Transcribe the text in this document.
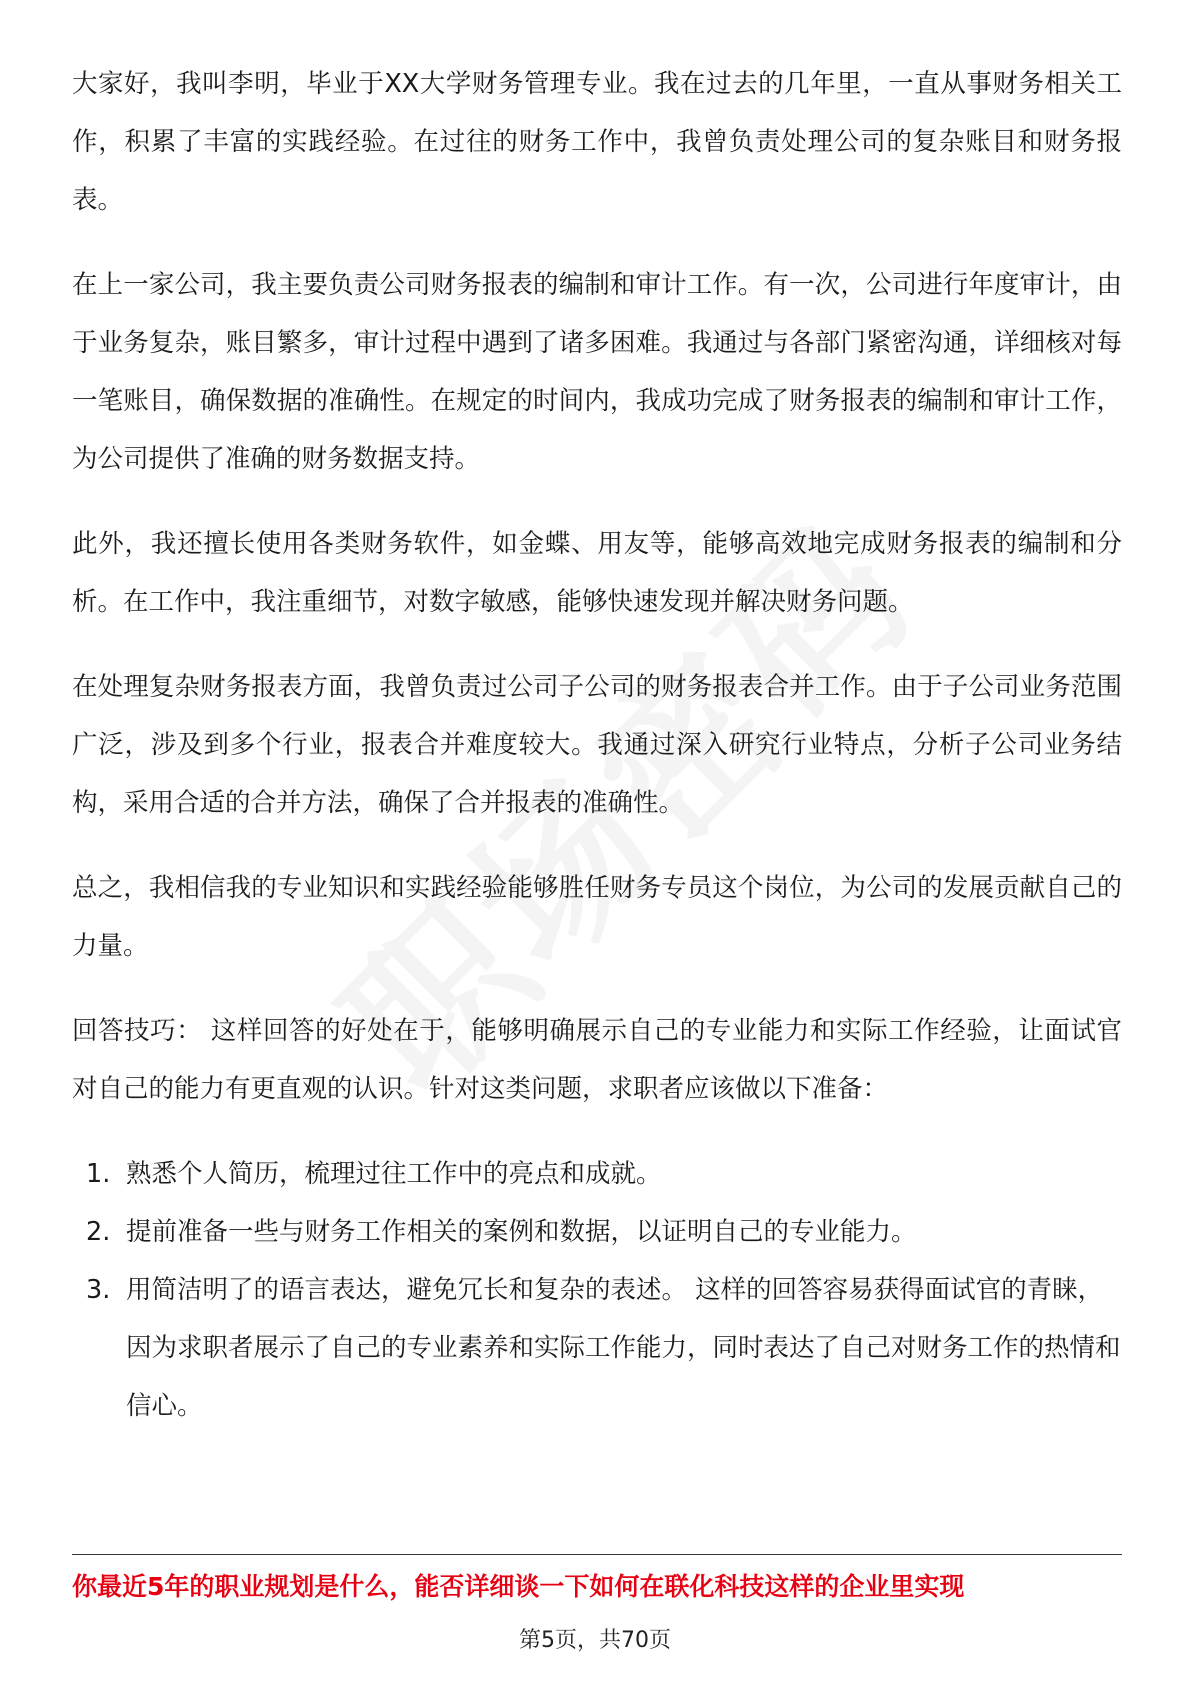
大家好，我叫李明，毕业于XX大学财务管理专业。我在过去的几年里，一直从事财务相关工作，积累了丰富的实践经验。在过往的财务工作中，我曾负责处理公司的复杂账目和财务报表。

在上一家公司，我主要负责公司财务报表的编制和审计工作。有一次，公司进行年度审计，由于业务复杂，账目繁多，审计过程中遇到了诸多困难。我通过与各部门紧密沟通，详细核对每一笔账目，确保数据的准确性。在规定的时间内，我成功完成了财务报表的编制和审计工作，为公司提供了准确的财务数据支持。

此外，我还擅长使用各类财务软件，如金蝶、用友等，能够高效地完成财务报表的编制和分析。在工作中，我注重细节，对数字敏感，能够快速发现并解决财务问题。

在处理复杂财务报表方面，我曾负责过公司子公司的财务报表合并工作。由于子公司业务范围广泛，涉及到多个行业，报表合并难度较大。我通过深入研究行业特点，分析子公司业务结构，采用合适的合并方法，确保了合并报表的准确性。

总之，我相信我的专业知识和实践经验能够胜任财务专员这个岗位，为公司的发展贡献自己的力量。

回答技巧： 这样回答的好处在于，能够明确展示自己的专业能力和实际工作经验，让面试官对自己的能力有更直观的认识。针对这类问题，求职者应该做以下准备：

1. 熟悉个人简历，梳理过往工作中的亮点和成就。
2. 提前准备一些与财务工作相关的案例和数据，以证明自己的专业能力。
3. 用简洁明了的语言表达，避免冗长和复杂的表述。 这样的回答容易获得面试官的青睐，因为求职者展示了自己的专业素养和实际工作能力，同时表达了自己对财务工作的热情和信心。
你最近5年的职业规划是什么，能否详细谈一下如何在联化科技这样的企业里实现
第5页，共70页
